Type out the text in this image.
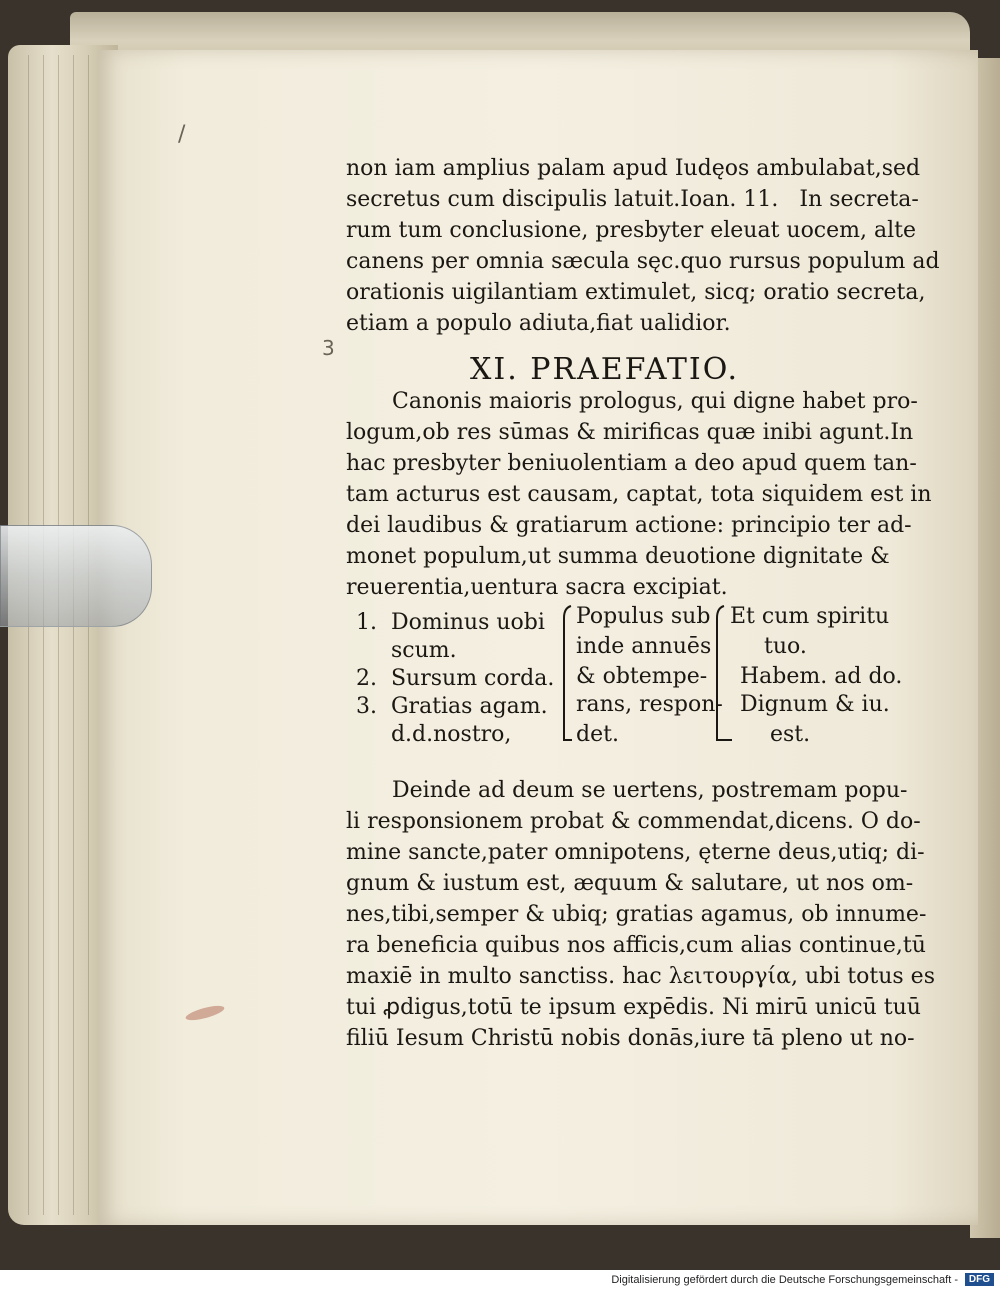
/
3
non iam amplius palam apud Iudęos ambulabat,sed
secretus cum discipulis latuit.Ioan. 11.   In secreta-
rum tum conclusione, presbyter eleuat uocem, alte
canens per omnia sæcula sęc.quo rursus populum ad
orationis uigilantiam extimulet, sicq; oratio secreta,
etiam a populo adiuta,fiat ualidior.
XI. PRAEFATIO.
Canonis maioris prologus, qui digne habet pro-
logum,ob res sūmas & mirificas quæ inibi agunt.In
hac presbyter beniuolentiam a deo apud quem tan-
tam acturus est causam, captat, tota siquidem est in
dei laudibus & gratiarum actione: principio ter ad-
monet populum,ut summa deuotione dignitate &
reuerentia,uentura sacra excipiat.
1.  Dominus uobi
scum.
2.  Sursum corda.
3.  Gratias agam.
d.d.nostro,
Populus sub
inde annuēs
& obtempe-
rans, respon-
det.
Et cum spiritu
tuo.
Habem. ad do.
Dignum & iu.
est.
Deinde ad deum se uertens, postremam popu-
li responsionem probat & commendat,dicens. O do-
mine sancte,pater omnipotens, ęterne deus,utiq; di-
gnum & iustum est, æquum & salutare, ut nos om-
nes,tibi,semper & ubiq; gratias agamus, ob innume-
ra beneficia quibus nos afficis,cum alias continue,tū
maxiē in multo sanctiss. hac λειτουργία, ubi totus es
tui ꝓdigus,totū te ipsum expēdis. Ni mirū unicū tuū
filiū Iesum Christū nobis donās,iure tā pleno ut no-
Digitalisierung gefördert durch die Deutsche Forschungsgemeinschaft -	DFG
